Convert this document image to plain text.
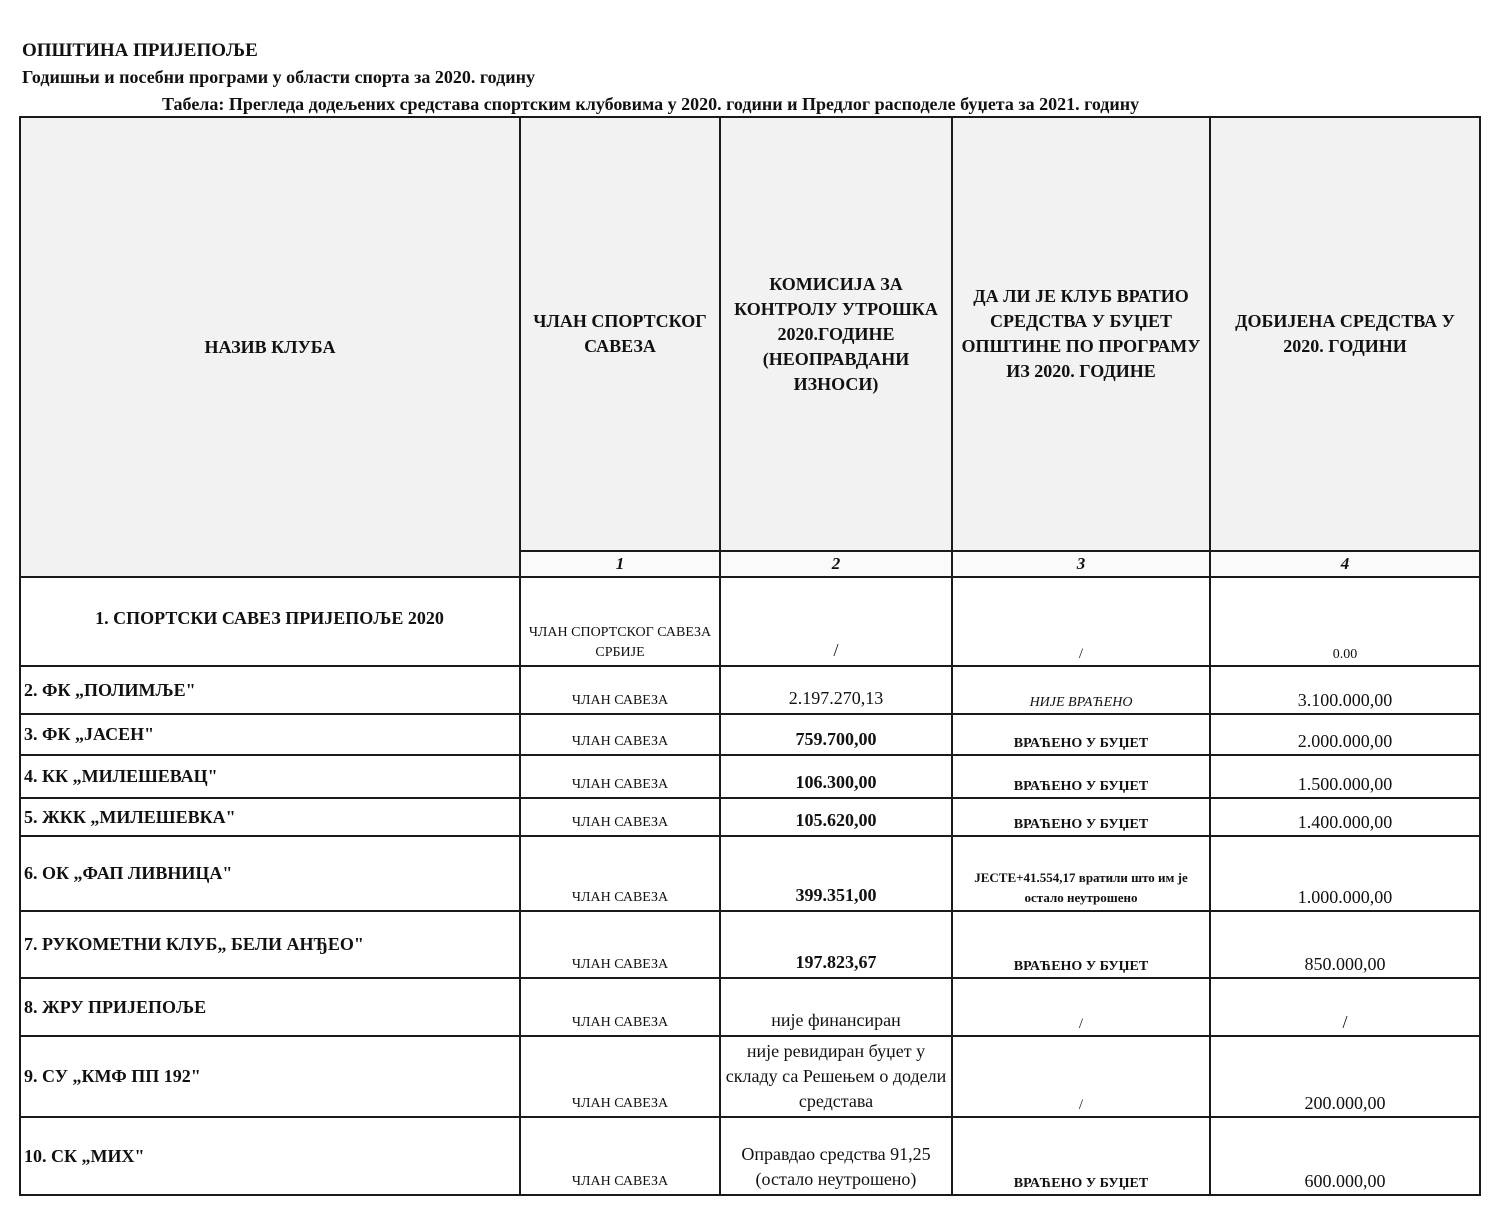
ОПШТИНА ПРИЈЕПОЉЕ
Годишњи и посебни програми у области спорта за 2020. годину
Табела: Прегледа додељених средстава спортским клубовима у 2020. години и Предлог расподеле буџета за 2021. годину
НАЗИВ КЛУБА	ЧЛАН СПОРТСКОГ САВЕЗА	КОМИСИЈА ЗА КОНТРОЛУ УТРОШКА 2020.ГОДИНЕ (НЕОПРАВДАНИ ИЗНОСИ)	ДА ЛИ ЈЕ КЛУБ ВРАТИО СРЕДСТВА У БУЏЕТ ОПШТИНЕ ПО ПРОГРАМУ ИЗ 2020. ГОДИНЕ	ДОБИЈЕНА СРЕДСТВА У 2020. ГОДИНИ
	1	2	3	4
1. СПОРТСКИ САВЕЗ ПРИЈЕПОЉЕ 2020	ЧЛАН СПОРТСКОГ САВЕЗА СРБИЈЕ	/	/	0.00
2. ФК „ПОЛИМЉЕ"	ЧЛАН САВЕЗА	2.197.270,13	НИЈЕ ВРАЋЕНО	3.100.000,00
3. ФК „ЈАСЕН"	ЧЛАН САВЕЗА	759.700,00	ВРАЋЕНО У БУЏЕТ	2.000.000,00
4. КК „МИЛЕШЕВАЦ"	ЧЛАН САВЕЗА	106.300,00	ВРАЋЕНО У БУЏЕТ	1.500.000,00
5. ЖКК „МИЛЕШЕВКА"	ЧЛАН САВЕЗА	105.620,00	ВРАЋЕНО У БУЏЕТ	1.400.000,00
6. ОК „ФАП ЛИВНИЦА"	ЧЛАН САВЕЗА	399.351,00	ЈЕСТЕ+41.554,17 вратили што им је остало неутрошено	1.000.000,00
7. РУКОМЕТНИ КЛУБ„ БЕЛИ АНЂЕО"	ЧЛАН САВЕЗА	197.823,67	ВРАЋЕНО У БУЏЕТ	850.000,00
8. ЖРУ ПРИЈЕПОЉЕ	ЧЛАН САВЕЗА	није финансиран	/	/
9. СУ „КМФ ПП 192"	ЧЛАН САВЕЗА	није ревидиран буџет у складу са Решењем о додели средстава	/	200.000,00
10. СК „МИХ"	ЧЛАН САВЕЗА	Оправдао средства 91,25 (остало неутрошено)	ВРАЋЕНО У БУЏЕТ	600.000,00
